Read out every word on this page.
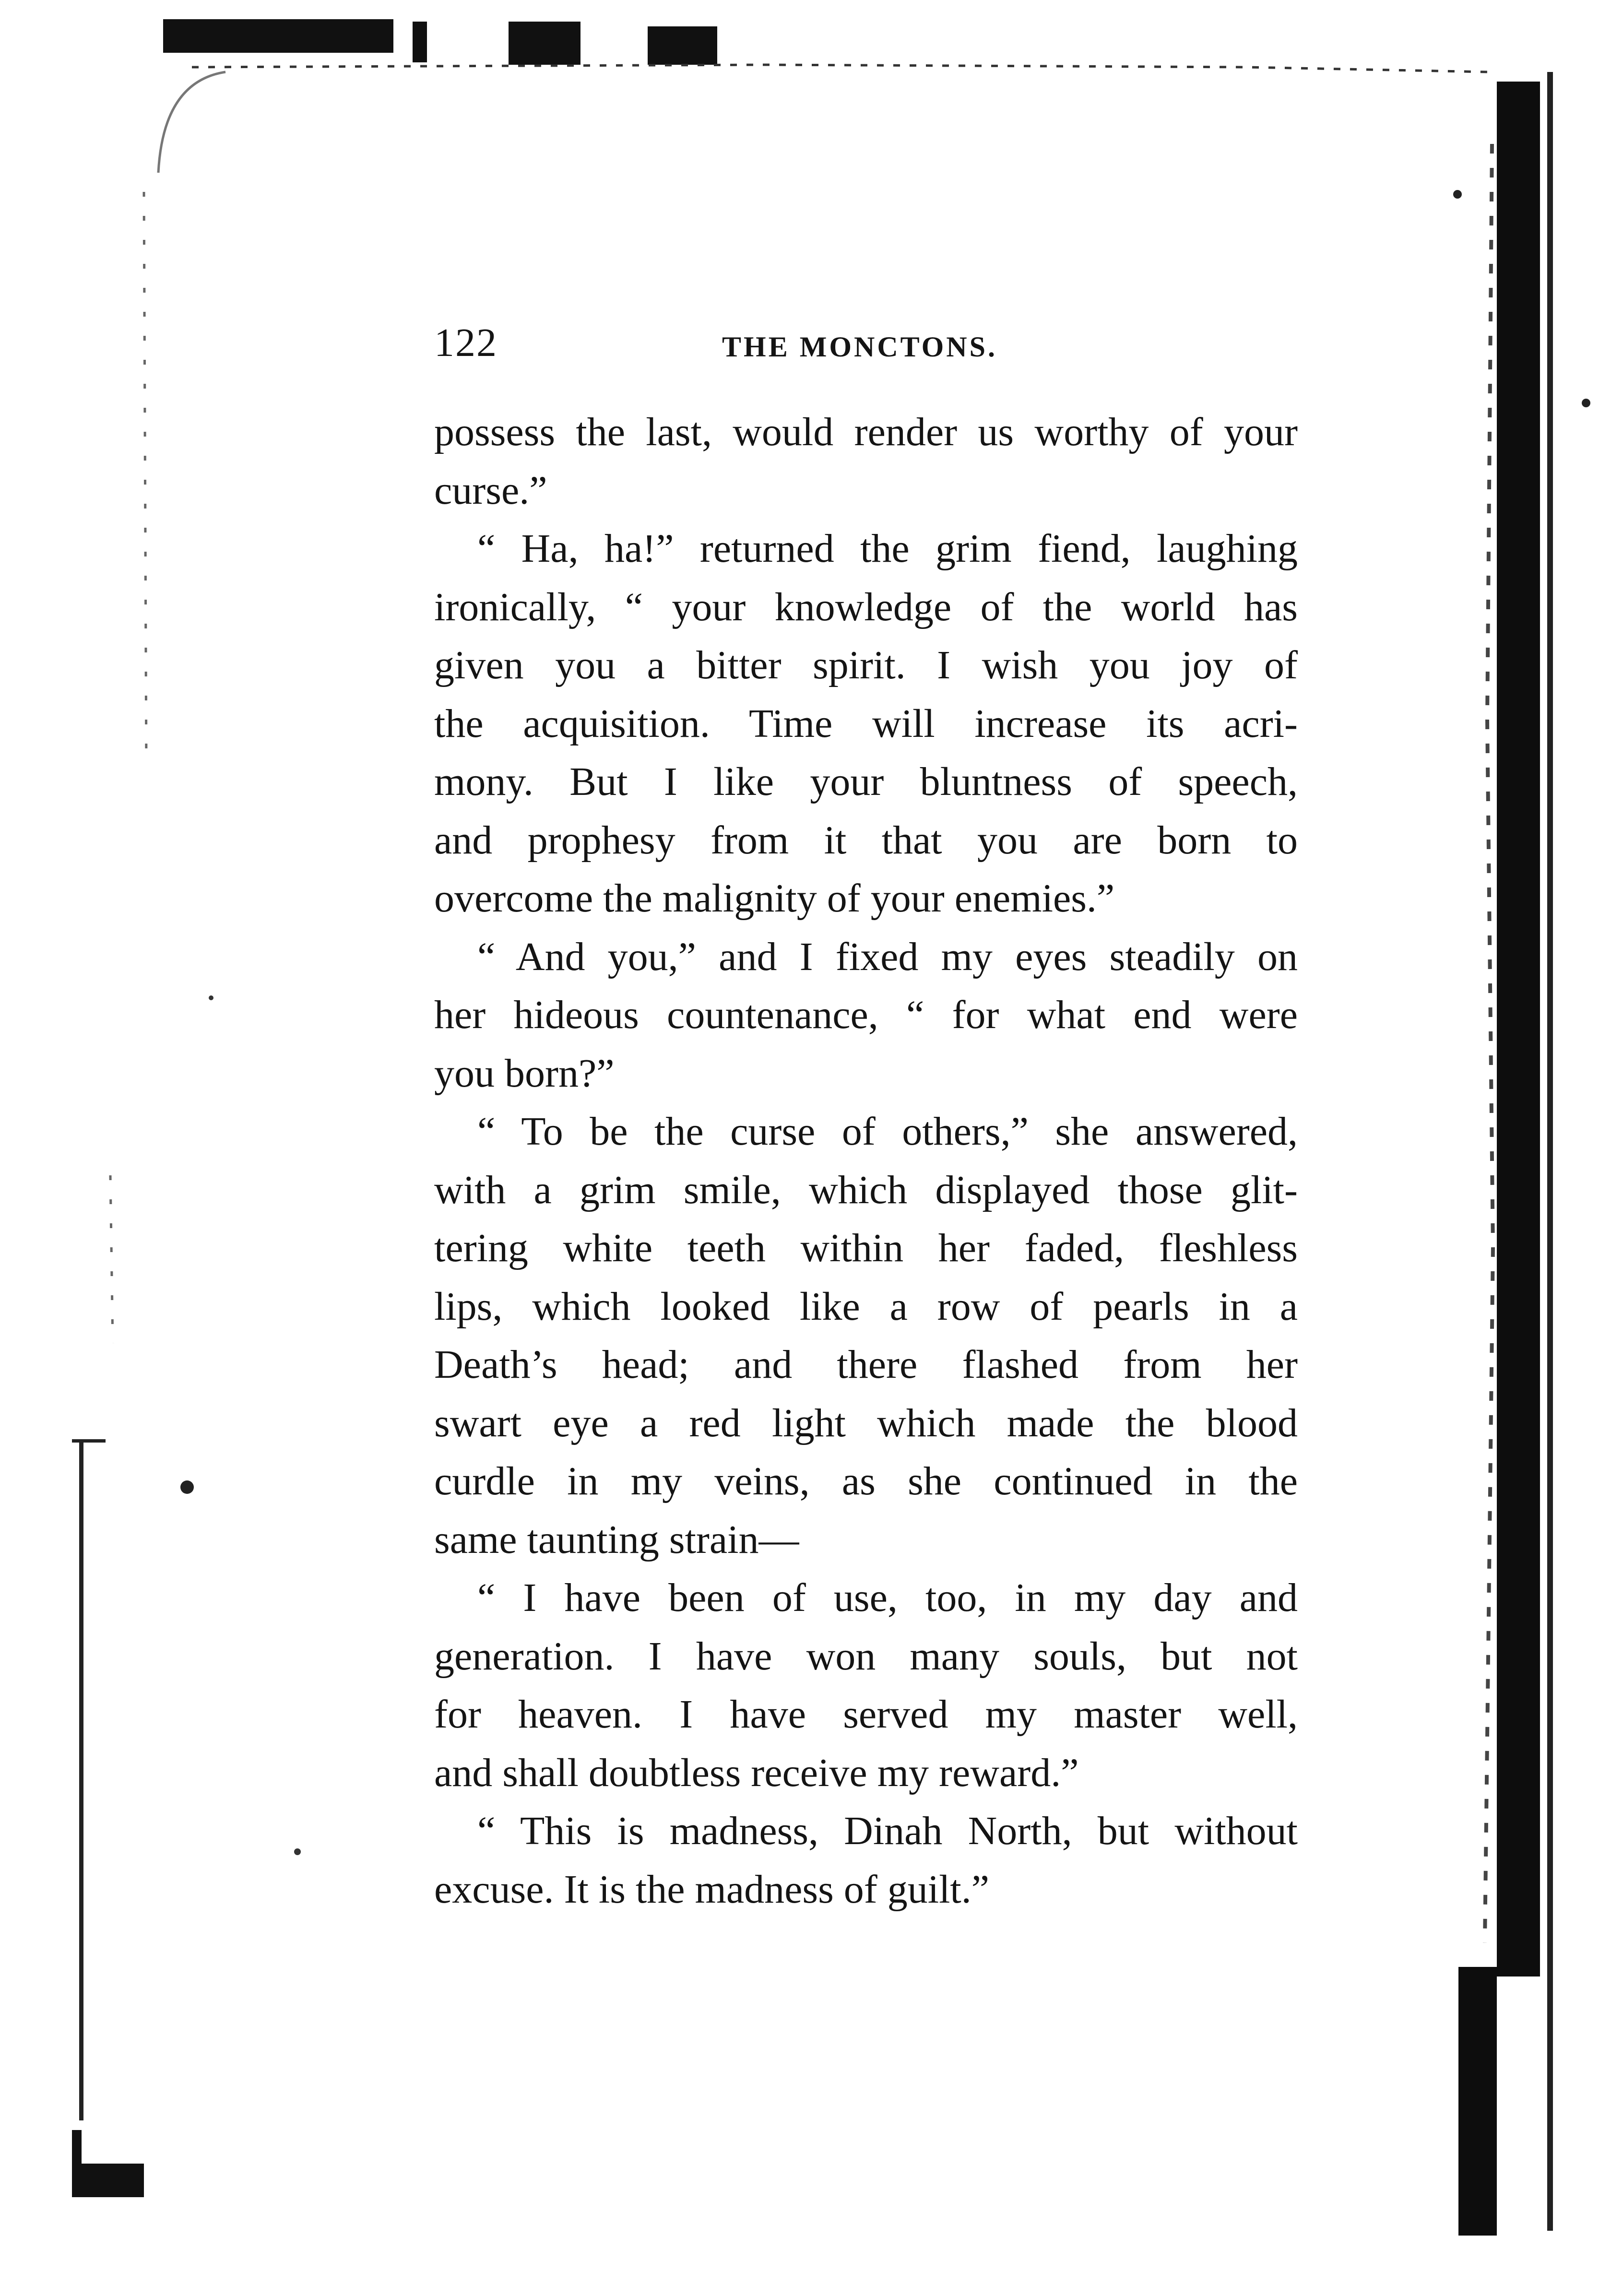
122	THE MONCTONS.
possess the last, would render us worthy of your
curse.”
“ Ha, ha!” returned the grim fiend, laughing
ironically, “ your knowledge of the world has
given you a bitter spirit. I wish you joy of
the acquisition. Time will increase its acri-
mony. But I like your bluntness of speech,
and prophesy from it that you are born to
overcome the malignity of your enemies.”
“ And you,” and I fixed my eyes steadily on
her hideous countenance, “ for what end were
you born?”
“ To be the curse of others,” she answered,
with a grim smile, which displayed those glit-
tering white teeth within her faded, fleshless
lips, which looked like a row of pearls in a
Death’s head; and there flashed from her
swart eye a red light which made the blood
curdle in my veins, as she continued in the
same taunting strain—
“ I have been of use, too, in my day and
generation. I have won many souls, but not
for heaven. I have served my master well,
and shall doubtless receive my reward.”
“ This is madness, Dinah North, but without
excuse. It is the madness of guilt.”
